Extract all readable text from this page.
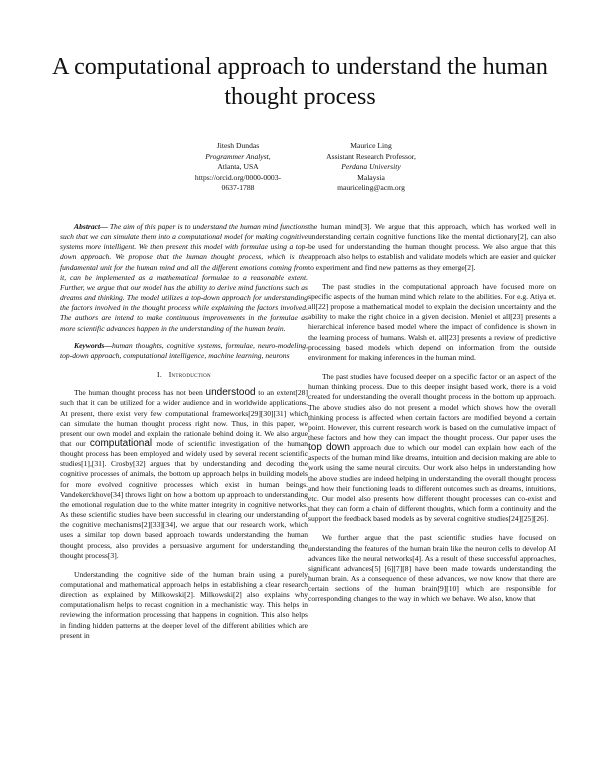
A computational approach to understand the human thought process
Jitesh Dundas
Programmer Analyst,
Atlanta, USA
https://orcid.org/0000-0003-
0637-1788
Maurice Ling
Assistant Research Professor,
Perdana University
Malaysia
mauriceling@acm.org

Abstract— The aim of this paper is to understand the human mind functions such that we can simulate them into a computational model for making cognitive systems more intelligent. We then present this model with formulae using a top-down approach. We propose that the human thought process, which is the fundamental unit for the human mind and all the different emotions coming from it, can be implemented as a mathematical formulae to a reasonable extent. Further, we argue that our model has the ability to derive mind functions such as dreams and thinking. The model utilizes a top-down approach for understanding the factors involved in the thought process while explaining the factors involved. The authors are intend to make continuous improvements in the formulae as more scientific advances happen in the understanding of the human brain.

Keywords—human thoughts, cognitive systems, formulae, neuro-modeling, top-down approach, computational intelligence, machine learning, neurons

I. Introduction

The human thought process has not been understood to an extent[28] such that it can be utilized for a wider audience and in worldwide applications. At present, there exist very few computational frameworks[29][30][31] which can simulate the human thought process right now. Thus, in this paper, we present our own model and explain the rationale behind doing it. We also argue that our computational mode of scientific investigation of the human thought process has been employed and widely used by several recent scientific studies[1],[31]. Crosby[32] argues that by understanding and decoding the cognitive processes of animals, the bottom up approach helps in building models for more evolved cognitive processes which exist in human beings. Vandekerckhove[34] throws light on how a bottom up approach to understanding the emotional regulation due to the white matter integrity in cognitive networks. As these scientific studies have been successful in clearing our understanding of the cognitive mechanisms[2][33][34], we argue that our research work, which uses a similar top down based approach towards understanding the human thought process, also provides a persuasive argument for understanding the thought process[3].

Understanding the cognitive side of the human brain using a purely computational and mathematical approach helps in establishing a clear research direction as explained by Milkowski[2]. Milkowski[2] also explains why computationalism helps to recast cognition in a mechanistic way. This helps in reviewing the information processing that happens in cognition. This also helps in finding hidden patterns at the deeper level of the different abilities which are present in

the human mind[3]. We argue that this approach, which has worked well in understanding certain cognitive functions like the mental dictionary[2], can also be used for understanding the human thought process. We also argue that this approach also helps to establish and validate models which are easier and quicker to experiment and find new patterns as they emerge[2].

The past studies in the computational approach have focused more on specific aspects of the human mind which relate to the abilities. For e.g. Atiya et. all[22] propose a mathematical model to explain the decision uncertainty and the ability to make the right choice in a given decision. Meniel et all[23] presents a hierarchical inference based model where the impact of confidence is shown in the learning process of humans. Walsh et. all[23] presents a review of predictive processing based models which depend on information from the outside environment for making inferences in the human mind.

The past studies have focused deeper on a specific factor or an aspect of the human thinking process. Due to this deeper insight based work, there is a void created for understanding the overall thought process in the bottom up approach. The above studies also do not present a model which shows how the overall thinking process is affected when certain factors are modified beyond a certain point. However, this current research work is based on the cumulative impact of these factors and how they can impact the thought process. Our paper uses the top down approach due to which our model can explain how each of the aspects of the human mind like dreams, intuition and decision making are able to work using the same neural circuits. Our work also helps in understanding how the above studies are indeed helping in understanding the overall thought process and how their functioning leads to different outcomes such as dreams, intuitions, etc. Our model also presents how different thought processes can co-exist and that they can form a chain of different thoughts, which form a continuity and the support the feedback based models as by several cognitive studies[24][25][26].

We further argue that the past scientific studies have focused on understanding the features of the human brain like the neuron cells to develop AI advances like the neural networks[4]. As a result of these successful approaches, significant advances[5] [6][7][8] have been made towards understanding the human brain. As a consequence of these advances, we now know that there are certain sections of the human brain[9][10] which are responsible for corresponding changes to the way in which we behave. We also, know that
